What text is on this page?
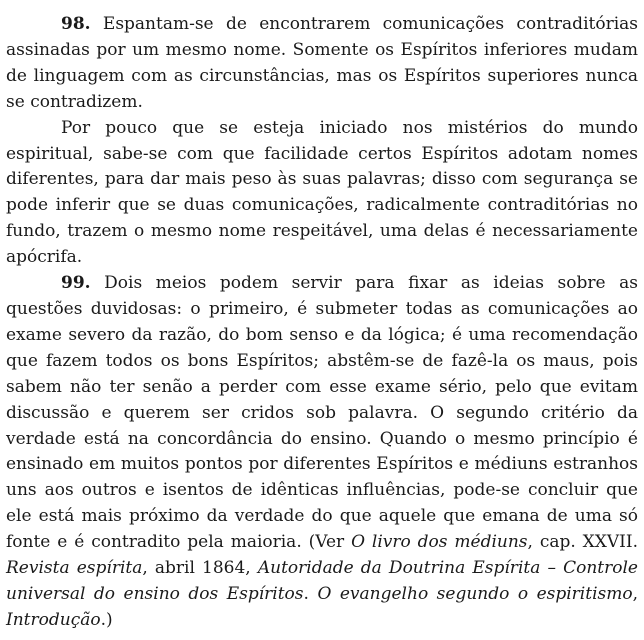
98. Espantam-se de encontrarem comunicações contraditórias assinadas por um mesmo nome. Somente os Espíritos inferiores mudam de linguagem com as circunstâncias, mas os Espíritos superiores nunca se contradizem.

Por pouco que se esteja iniciado nos mistérios do mundo espiritual, sabe-se com que facilidade certos Espíritos adotam nomes diferentes, para dar mais peso às suas palavras; disso com segurança se pode inferir que se duas comunicações, radicalmente contraditórias no fundo, trazem o mesmo nome respeitável, uma delas é necessariamente apócrifa.

99. Dois meios podem servir para fixar as ideias sobre as questões duvidosas: o primeiro, é submeter todas as comunicações ao exame severo da razão, do bom senso e da lógica; é uma recomendação que fazem todos os bons Espíritos; abstêm-se de fazê-la os maus, pois sabem não ter senão a perder com esse exame sério, pelo que evitam discussão e querem ser cridos sob palavra. O segundo critério da verdade está na concordância do ensino. Quando o mesmo princípio é ensinado em muitos pontos por diferentes Espíritos e médiuns estranhos uns aos outros e isentos de idênticas influências, pode-se concluir que ele está mais próximo da verdade do que aquele que emana de uma só fonte e é contradito pela maioria. (Ver O livro dos médiuns, cap. XXVII. Revista espírita, abril 1864, Autoridade da Doutrina Espírita – Controle universal do ensino dos Espíritos. O evangelho segundo o espiritismo, Introdução.)
